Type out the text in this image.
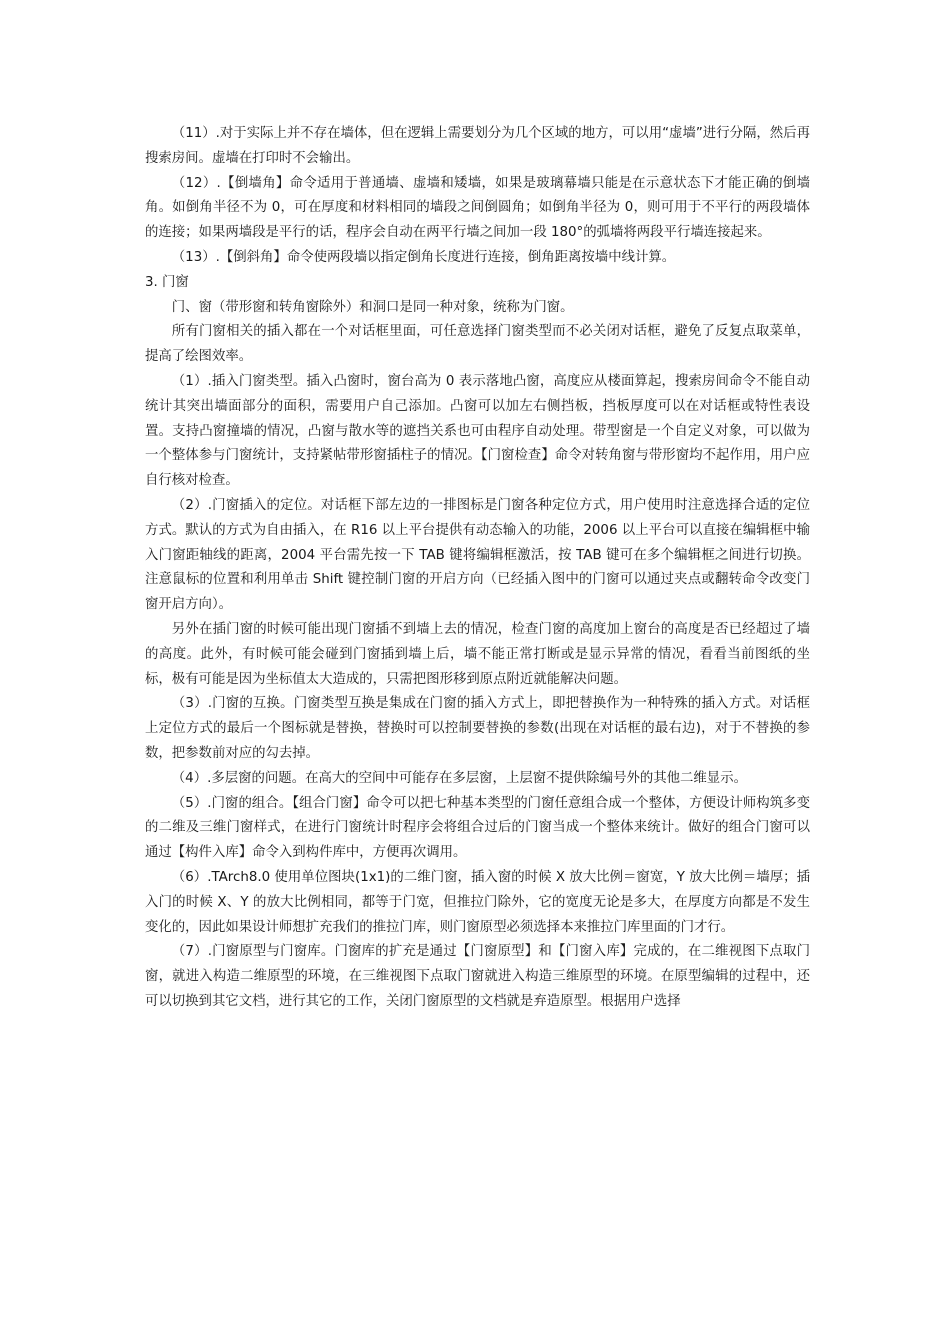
（11）.对于实际上并不存在墙体，但在逻辑上需要划分为几个区域的地方，可以用“虚墙”进行分隔，然后再搜索房间。虚墙在打印时不会输出。

（12）.【倒墙角】命令适用于普通墙、虚墙和矮墙，如果是玻璃幕墙只能是在示意状态下才能正确的倒墙角。如倒角半径不为 0，可在厚度和材料相同的墙段之间倒圆角；如倒角半径为 0，则可用于不平行的两段墙体的连接；如果两墙段是平行的话，程序会自动在两平行墙之间加一段 180°的弧墙将两段平行墙连接起来。

（13）.【倒斜角】命令使两段墙以指定倒角长度进行连接，倒角距离按墙中线计算。

3. 门窗

门、窗（带形窗和转角窗除外）和洞口是同一种对象，统称为门窗。

所有门窗相关的插入都在一个对话框里面，可任意选择门窗类型而不必关闭对话框，避免了反复点取菜单，提高了绘图效率。

（1）.插入门窗类型。插入凸窗时，窗台高为 0 表示落地凸窗，高度应从楼面算起，搜索房间命令不能自动统计其突出墙面部分的面积，需要用户自己添加。凸窗可以加左右侧挡板，挡板厚度可以在对话框或特性表设置。支持凸窗撞墙的情况，凸窗与散水等的遮挡关系也可由程序自动处理。带型窗是一个自定义对象，可以做为一个整体参与门窗统计，支持紧帖带形窗插柱子的情况。【门窗检查】命令对转角窗与带形窗均不起作用，用户应自行核对检查。

（2）.门窗插入的定位。对话框下部左边的一排图标是门窗各种定位方式，用户使用时注意选择合适的定位方式。默认的方式为自由插入，在 R16 以上平台提供有动态输入的功能，2006 以上平台可以直接在编辑框中输入门窗距轴线的距离，2004 平台需先按一下 TAB 键将编辑框激活，按 TAB 键可在多个编辑框之间进行切换。注意鼠标的位置和利用单击 Shift 键控制门窗的开启方向（已经插入图中的门窗可以通过夹点或翻转命令改变门窗开启方向）。

另外在插门窗的时候可能出现门窗插不到墙上去的情况，检查门窗的高度加上窗台的高度是否已经超过了墙的高度。此外，有时候可能会碰到门窗插到墙上后，墙不能正常打断或是显示异常的情况，看看当前图纸的坐标，极有可能是因为坐标值太大造成的，只需把图形移到原点附近就能解决问题。

（3）.门窗的互换。门窗类型互换是集成在门窗的插入方式上，即把替换作为一种特殊的插入方式。对话框上定位方式的最后一个图标就是替换，替换时可以控制要替换的参数(出现在对话框的最右边)，对于不替换的参数，把参数前对应的勾去掉。

（4）.多层窗的问题。在高大的空间中可能存在多层窗，上层窗不提供除编号外的其他二维显示。

（5）.门窗的组合。【组合门窗】命令可以把七种基本类型的门窗任意组合成一个整体，方便设计师构筑多变的二维及三维门窗样式，在进行门窗统计时程序会将组合过后的门窗当成一个整体来统计。做好的组合门窗可以通过【构件入库】命令入到构件库中，方便再次调用。

（6）.TArch8.0 使用单位图块(1x1)的二维门窗，插入窗的时候 X 放大比例＝窗宽，Y 放大比例＝墙厚；插入门的时候 X、Y 的放大比例相同，都等于门宽，但推拉门除外，它的宽度无论是多大，在厚度方向都是不发生变化的，因此如果设计师想扩充我们的推拉门库，则门窗原型必须选择本来推拉门库里面的门才行。

（7）.门窗原型与门窗库。门窗库的扩充是通过【门窗原型】和【门窗入库】完成的，在二维视图下点取门窗，就进入构造二维原型的环境，在三维视图下点取门窗就进入构造三维原型的环境。在原型编辑的过程中，还可以切换到其它文档，进行其它的工作，关闭门窗原型的文档就是弃造原型。根据用户选择
